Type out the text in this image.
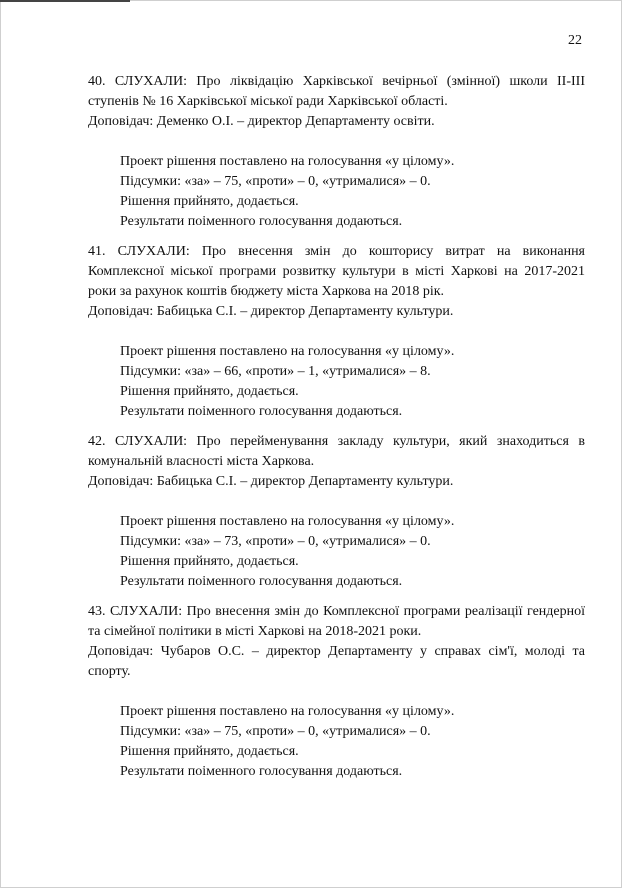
22

40. СЛУХАЛИ: Про ліквідацію Харківської вечірньої (змінної) школи ІІ-ІІІ ступенів № 16 Харківської міської ради Харківської області.

Доповідач: Деменко О.І. – директор Департаменту освіти.

Проект рішення поставлено на голосування «у цілому».
Підсумки: «за» – 75, «проти» – 0, «утрималися» – 0.
Рішення прийнято, додається.
Результати поіменного голосування додаються.

41. СЛУХАЛИ: Про внесення змін до кошторису витрат на виконання Комплексної міської програми розвитку культури в місті Харкові на 2017-2021 роки за рахунок коштів бюджету міста Харкова на 2018 рік.

Доповідач: Бабицька С.І. – директор Департаменту культури.

Проект рішення поставлено на голосування «у цілому».
Підсумки: «за» – 66, «проти» – 1, «утрималися» – 8.
Рішення прийнято, додається.
Результати поіменного голосування додаються.

42. СЛУХАЛИ: Про перейменування закладу культури, який знаходиться в комунальній власності міста Харкова.

Доповідач: Бабицька С.І. – директор Департаменту культури.

Проект рішення поставлено на голосування «у цілому».
Підсумки: «за» – 73, «проти» – 0, «утрималися» – 0.
Рішення прийнято, додається.
Результати поіменного голосування додаються.

43. СЛУХАЛИ: Про внесення змін до Комплексної програми реалізації гендерної та сімейної політики в місті Харкові на 2018-2021 роки.

Доповідач: Чубаров О.С. – директор Департаменту у справах сім'ї, молоді та спорту.

Проект рішення поставлено на голосування «у цілому».
Підсумки: «за» – 75, «проти» – 0, «утрималися» – 0.
Рішення прийнято, додається.
Результати поіменного голосування додаються.
